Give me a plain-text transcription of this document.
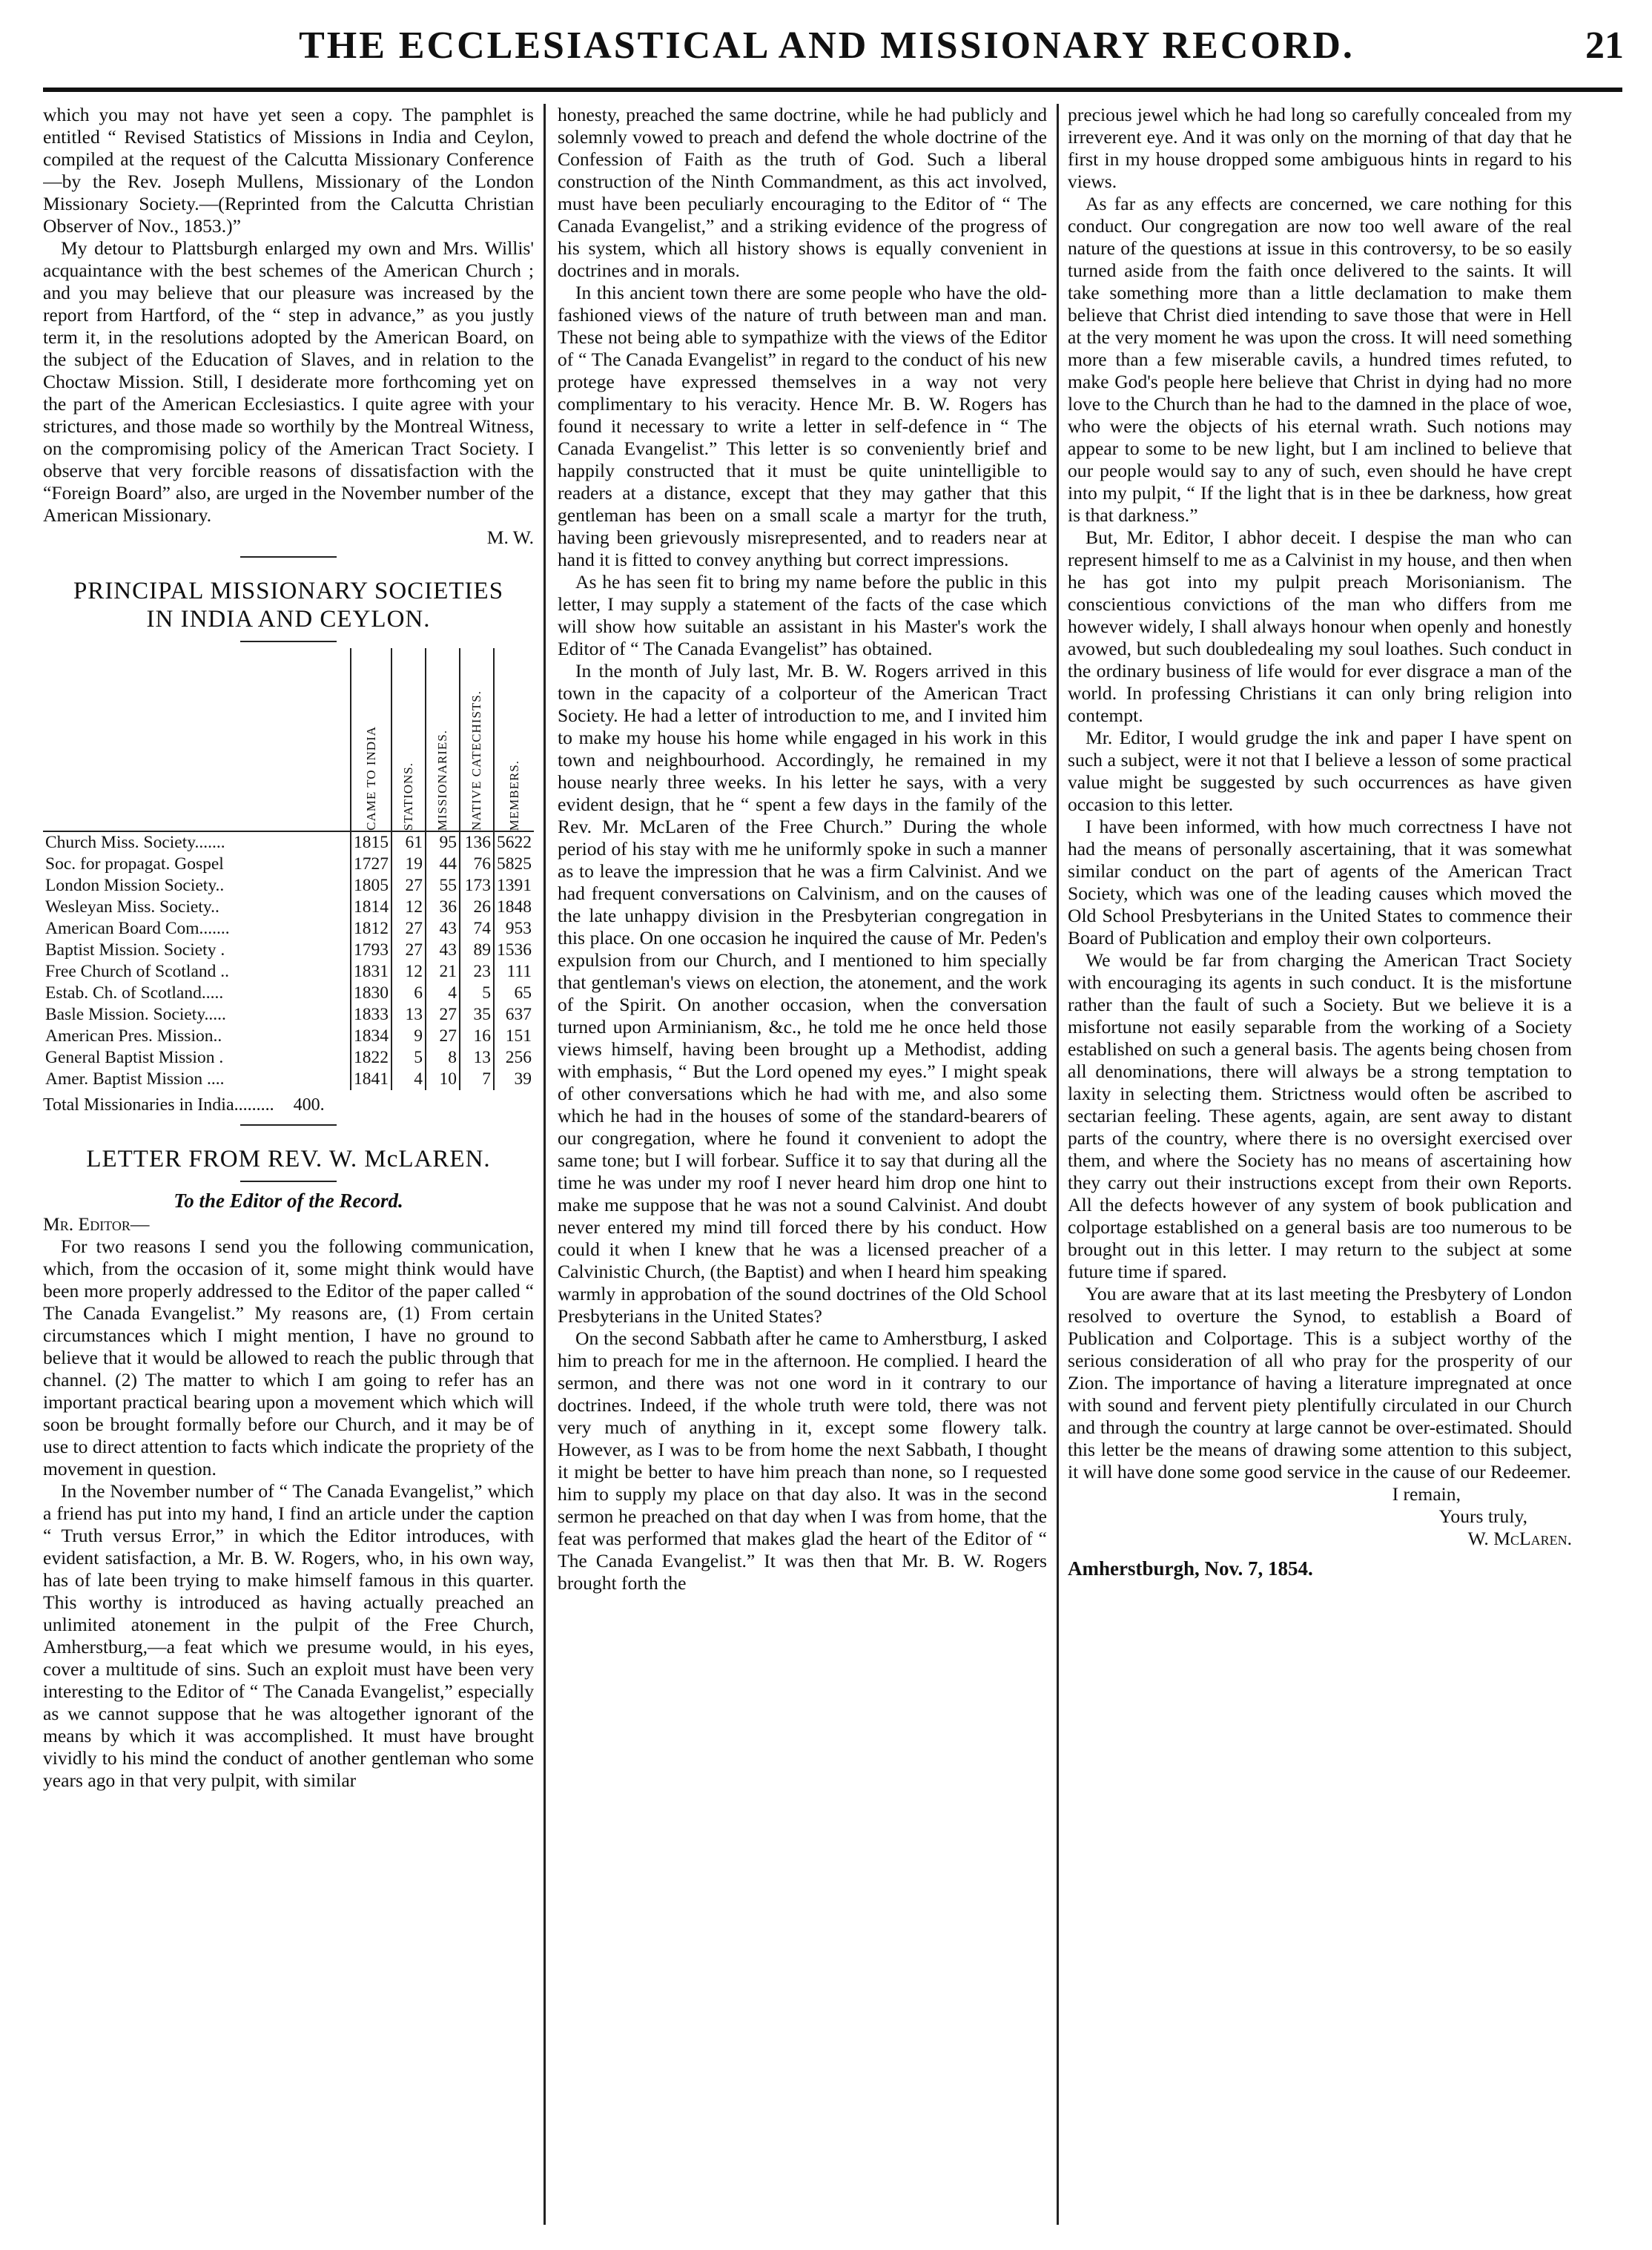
THE ECCLESIASTICAL AND MISSIONARY RECORD.	21

which you may not have yet seen a copy. The pamphlet is entitled “ Revised Statistics of Missions in India and Ceylon, compiled at the request of the Calcutta Missionary Conference—by the Rev. Joseph Mullens, Missionary of the London Missionary Society.—(Reprinted from the Calcutta Christian Observer of Nov., 1853.)”

My detour to Plattsburgh enlarged my own and Mrs. Willis' acquaintance with the best schemes of the American Church ; and you may believe that our pleasure was increased by the report from Hartford, of the “ step in advance,” as you justly term it, in the resolutions adopted by the American Board, on the subject of the Education of Slaves, and in relation to the Choctaw Mission. Still, I desiderate more forthcoming yet on the part of the American Ecclesiastics. I quite agree with your strictures, and those made so worthily by the Montreal Witness, on the compromising policy of the American Tract Society. I observe that very forcible reasons of dissatisfaction with the “Foreign Board” also, are urged in the November number of the American Missionary.

M. W.
PRINCIPAL MISSIONARY SOCIETIES
IN INDIA AND CEYLON.

	CAME TO INDIA	STATIONS.	MISSIONARIES.	NATIVE CATECHISTS.	MEMBERS.

Church Miss. Society.......	1815	61	95	136	5622
Soc. for propagat. Gospel	1727	19	44	76	5825
London Mission Society..	1805	27	55	173	1391
Wesleyan Miss. Society..	1814	12	36	26	1848
American Board Com.......	1812	27	43	74	953
Baptist Mission. Society .	1793	27	43	89	1536
Free Church of Scotland ..	1831	12	21	23	111
Estab. Ch. of Scotland.....	1830	6	4	5	65
Basle Mission. Society.....	1833	13	27	35	637
American Pres. Mission..	1834	9	27	16	151
General Baptist Mission .	1822	5	8	13	256
Amer. Baptist Mission ....	1841	4	10	7	39
Total Missionaries in India......... 400.
LETTER FROM REV. W. McLAREN.
To the Editor of the Record.
Mr. Editor—

For two reasons I send you the following communication, which, from the occasion of it, some might think would have been more properly addressed to the Editor of the paper called “ The Canada Evangelist.” My reasons are, (1) From certain circumstances which I might mention, I have no ground to believe that it would be allowed to reach the public through that channel. (2) The matter to which I am going to refer has an important practical bearing upon a movement which which will soon be brought formally before our Church, and it may be of use to direct attention to facts which indicate the propriety of the movement in question.

In the November number of “ The Canada Evangelist,” which a friend has put into my hand, I find an article under the caption “ Truth versus Error,” in which the Editor introduces, with evident satisfaction, a Mr. B. W. Rogers, who, in his own way, has of late been trying to make himself famous in this quarter. This worthy is introduced as having actually preached an unlimited atonement in the pulpit of the Free Church, Amherstburg,—a feat which we presume would, in his eyes, cover a multitude of sins. Such an exploit must have been very interesting to the Editor of “ The Canada Evangelist,” especially as we cannot suppose that he was altogether ignorant of the means by which it was accomplished. It must have brought vividly to his mind the conduct of another gentleman who some years ago in that very pulpit, with similar

honesty, preached the same doctrine, while he had publicly and solemnly vowed to preach and defend the whole doctrine of the Confession of Faith as the truth of God. Such a liberal construction of the Ninth Commandment, as this act involved, must have been peculiarly encouraging to the Editor of “ The Canada Evangelist,” and a striking evidence of the progress of his system, which all history shows is equally convenient in doctrines and in morals.

In this ancient town there are some people who have the old-fashioned views of the nature of truth between man and man. These not being able to sympathize with the views of the Editor of “ The Canada Evangelist” in regard to the conduct of his new protege have expressed themselves in a way not very complimentary to his veracity. Hence Mr. B. W. Rogers has found it necessary to write a letter in self-defence in “ The Canada Evangelist.” This letter is so conveniently brief and happily constructed that it must be quite unintelligible to readers at a distance, except that they may gather that this gentleman has been on a small scale a martyr for the truth, having been grievously misrepresented, and to readers near at hand it is fitted to convey anything but correct impressions.

As he has seen fit to bring my name before the public in this letter, I may supply a statement of the facts of the case which will show how suitable an assistant in his Master's work the Editor of “ The Canada Evangelist” has obtained.

In the month of July last, Mr. B. W. Rogers arrived in this town in the capacity of a colporteur of the American Tract Society. He had a letter of introduction to me, and I invited him to make my house his home while engaged in his work in this town and neighbourhood. Accordingly, he remained in my house nearly three weeks. In his letter he says, with a very evident design, that he “ spent a few days in the family of the Rev. Mr. McLaren of the Free Church.” During the whole period of his stay with me he uniformly spoke in such a manner as to leave the impression that he was a firm Calvinist. And we had frequent conversations on Calvinism, and on the causes of the late unhappy division in the Presbyterian congregation in this place. On one occasion he inquired the cause of Mr. Peden's expulsion from our Church, and I mentioned to him specially that gentleman's views on election, the atonement, and the work of the Spirit. On another occasion, when the conversation turned upon Arminianism, &c., he told me he once held those views himself, having been brought up a Methodist, adding with emphasis, “ But the Lord opened my eyes.” I might speak of other conversations which he had with me, and also some which he had in the houses of some of the standard-bearers of our congregation, where he found it convenient to adopt the same tone; but I will forbear. Suffice it to say that during all the time he was under my roof I never heard him drop one hint to make me suppose that he was not a sound Calvinist. And doubt never entered my mind till forced there by his conduct. How could it when I knew that he was a licensed preacher of a Calvinistic Church, (the Baptist) and when I heard him speaking warmly in approbation of the sound doctrines of the Old School Presbyterians in the United States?

On the second Sabbath after he came to Amherstburg, I asked him to preach for me in the afternoon. He complied. I heard the sermon, and there was not one word in it contrary to our doctrines. Indeed, if the whole truth were told, there was not very much of anything in it, except some flowery talk. However, as I was to be from home the next Sabbath, I thought it might be better to have him preach than none, so I requested him to supply my place on that day also. It was in the second sermon he preached on that day when I was from home, that the feat was performed that makes glad the heart of the Editor of “ The Canada Evangelist.” It was then that Mr. B. W. Rogers brought forth the

precious jewel which he had long so carefully concealed from my irreverent eye. And it was only on the morning of that day that he first in my house dropped some ambiguous hints in regard to his views.

As far as any effects are concerned, we care nothing for this conduct. Our congregation are now too well aware of the real nature of the questions at issue in this controversy, to be so easily turned aside from the faith once delivered to the saints. It will take something more than a little declamation to make them believe that Christ died intending to save those that were in Hell at the very moment he was upon the cross. It will need something more than a few miserable cavils, a hundred times refuted, to make God's people here believe that Christ in dying had no more love to the Church than he had to the damned in the place of woe, who were the objects of his eternal wrath. Such notions may appear to some to be new light, but I am inclined to believe that our people would say to any of such, even should he have crept into my pulpit, “ If the light that is in thee be darkness, how great is that darkness.”

But, Mr. Editor, I abhor deceit. I despise the man who can represent himself to me as a Calvinist in my house, and then when he has got into my pulpit preach Morisonianism. The conscientious convictions of the man who differs from me however widely, I shall always honour when openly and honestly avowed, but such doubledealing my soul loathes. Such conduct in the ordinary business of life would for ever disgrace a man of the world. In professing Christians it can only bring religion into contempt.

Mr. Editor, I would grudge the ink and paper I have spent on such a subject, were it not that I believe a lesson of some practical value might be suggested by such occurrences as have given occasion to this letter.

I have been informed, with how much correctness I have not had the means of personally ascertaining, that it was somewhat similar conduct on the part of agents of the American Tract Society, which was one of the leading causes which moved the Old School Presbyterians in the United States to commence their Board of Publication and employ their own colporteurs.

We would be far from charging the American Tract Society with encouraging its agents in such conduct. It is the misfortune rather than the fault of such a Society. But we believe it is a misfortune not easily separable from the working of a Society established on such a general basis. The agents being chosen from all denominations, there will always be a strong temptation to laxity in selecting them. Strictness would often be ascribed to sectarian feeling. These agents, again, are sent away to distant parts of the country, where there is no oversight exercised over them, and where the Society has no means of ascertaining how they carry out their instructions except from their own Reports. All the defects however of any system of book publication and colportage established on a general basis are too numerous to be brought out in this letter. I may return to the subject at some future time if spared.

You are aware that at its last meeting the Presbytery of London resolved to overture the Synod, to establish a Board of Publication and Colportage. This is a subject worthy of the serious consideration of all who pray for the prosperity of our Zion. The importance of having a literature impregnated at once with sound and fervent piety plentifully circulated in our Church and through the country at large cannot be over-estimated. Should this letter be the means of drawing some attention to this subject, it will have done some good service in the cause of our Redeemer.

I remain,
Yours truly,
W. McLaren.
Amherstburgh, Nov. 7, 1854.
